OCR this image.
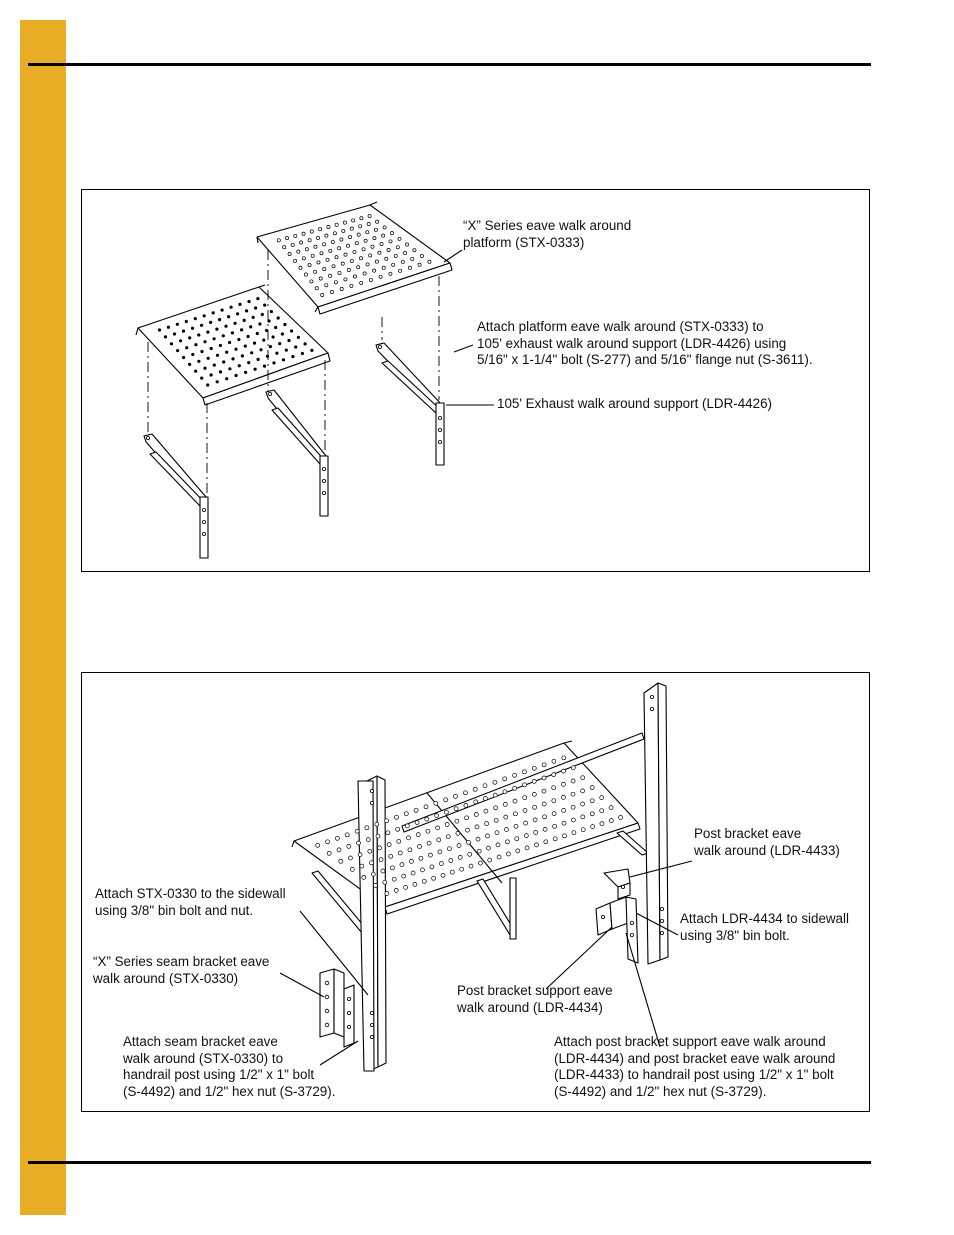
“X” Series eave walk around
platform (STX-0333)
Attach platform eave walk around (STX-0333) to
105' exhaust walk around support (LDR-4426) using
5/16" x 1-1/4" bolt (S-277) and 5/16" flange nut (S-3611).
105' Exhaust walk around support (LDR-4426)
Attach STX-0330 to the sidewall
using 3/8" bin bolt and nut.
“X” Series seam bracket eave
walk around (STX-0330)
Attach seam bracket eave
walk around (STX-0330) to
handrail post using 1/2" x 1" bolt
(S-4492) and 1/2" hex nut (S-3729).
Post bracket eave
walk around (LDR-4433)
Attach LDR-4434 to sidewall
using 3/8" bin bolt.
Post bracket support eave
walk around (LDR-4434)
Attach post bracket support eave walk around
(LDR-4434) and post bracket eave walk around
(LDR-4433) to handrail post using 1/2" x 1" bolt
(S-4492) and 1/2" hex nut (S-3729).
